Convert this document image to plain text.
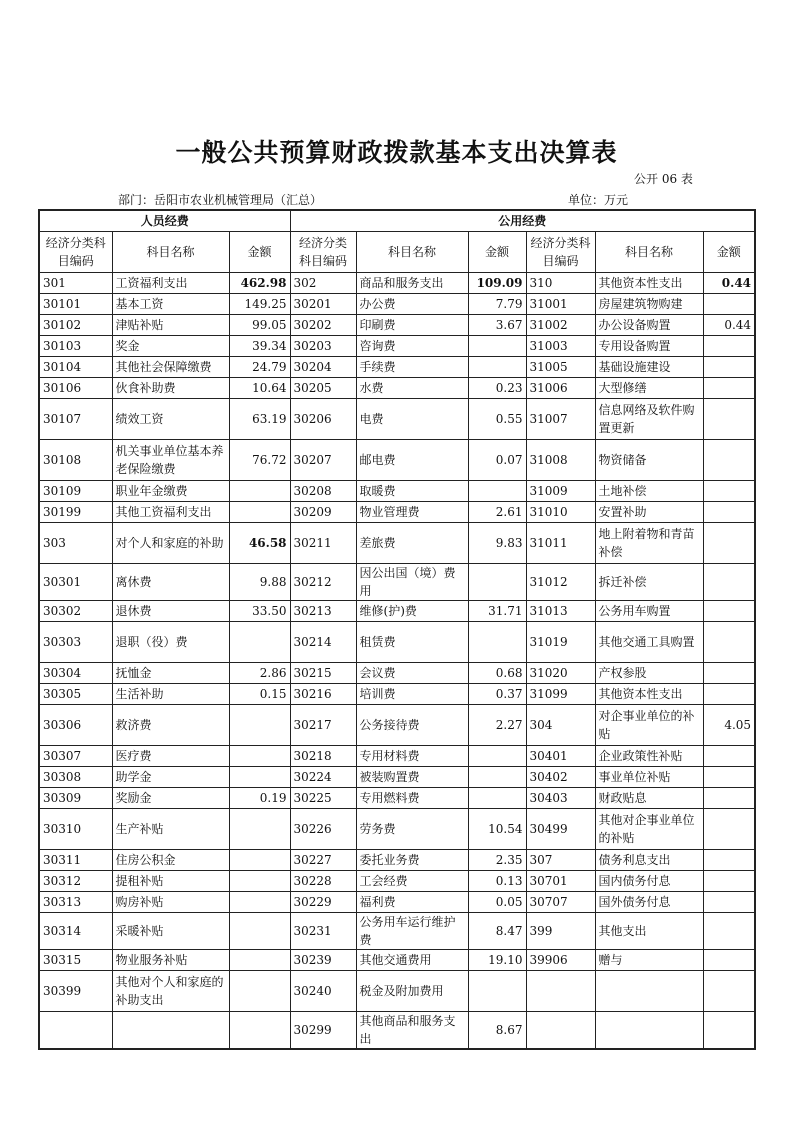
一般公共预算财政拨款基本支出决算表
公开 06 表
部门：岳阳市农业机械管理局（汇总）	单位：万元
人员经费			公用经费					
经济分类科目编码	科目名称	金额	经济分类科目编码	科目名称	金额	经济分类科目编码	科目名称	金额
301	工资福利支出	462.98	302	商品和服务支出	109.09	310	其他资本性支出	0.44
30101	基本工资	149.25	30201	办公费	7.79	31001	房屋建筑物购建	
30102	津贴补贴	99.05	30202	印刷费	3.67	31002	办公设备购置	0.44
30103	奖金	39.34	30203	咨询费		31003	专用设备购置	
30104	其他社会保障缴费	24.79	30204	手续费		31005	基础设施建设	
30106	伙食补助费	10.64	30205	水费	0.23	31006	大型修缮	
30107	绩效工资	63.19	30206	电费	0.55	31007	信息网络及软件购置更新	
30108	机关事业单位基本养老保险缴费	76.72	30207	邮电费	0.07	31008	物资储备	
30109	职业年金缴费		30208	取暖费		31009	土地补偿	
30199	其他工资福利支出		30209	物业管理费	2.61	31010	安置补助	
303	对个人和家庭的补助	46.58	30211	差旅费	9.83	31011	地上附着物和青苗补偿	
30301	离休费	9.88	30212	因公出国（境）费用		31012	拆迁补偿	
30302	退休费	33.50	30213	维修(护)费	31.71	31013	公务用车购置	
30303	退职（役）费		30214	租赁费		31019	其他交通工具购置	
30304	抚恤金	2.86	30215	会议费	0.68	31020	产权参股	
30305	生活补助	0.15	30216	培训费	0.37	31099	其他资本性支出	
30306	救济费		30217	公务接待费	2.27	304	对企事业单位的补贴	4.05
30307	医疗费		30218	专用材料费		30401	企业政策性补贴	
30308	助学金		30224	被装购置费		30402	事业单位补贴	
30309	奖励金	0.19	30225	专用燃料费		30403	财政贴息	
30310	生产补贴		30226	劳务费	10.54	30499	其他对企事业单位的补贴	
30311	住房公积金		30227	委托业务费	2.35	307	债务利息支出	
30312	提租补贴		30228	工会经费	0.13	30701	国内债务付息	
30313	购房补贴		30229	福利费	0.05	30707	国外债务付息	
30314	采暖补贴		30231	公务用车运行维护费	8.47	399	其他支出	
30315	物业服务补贴		30239	其他交通费用	19.10	39906	赠与	
30399	其他对个人和家庭的补助支出		30240	税金及附加费用				
			30299	其他商品和服务支出	8.67			
